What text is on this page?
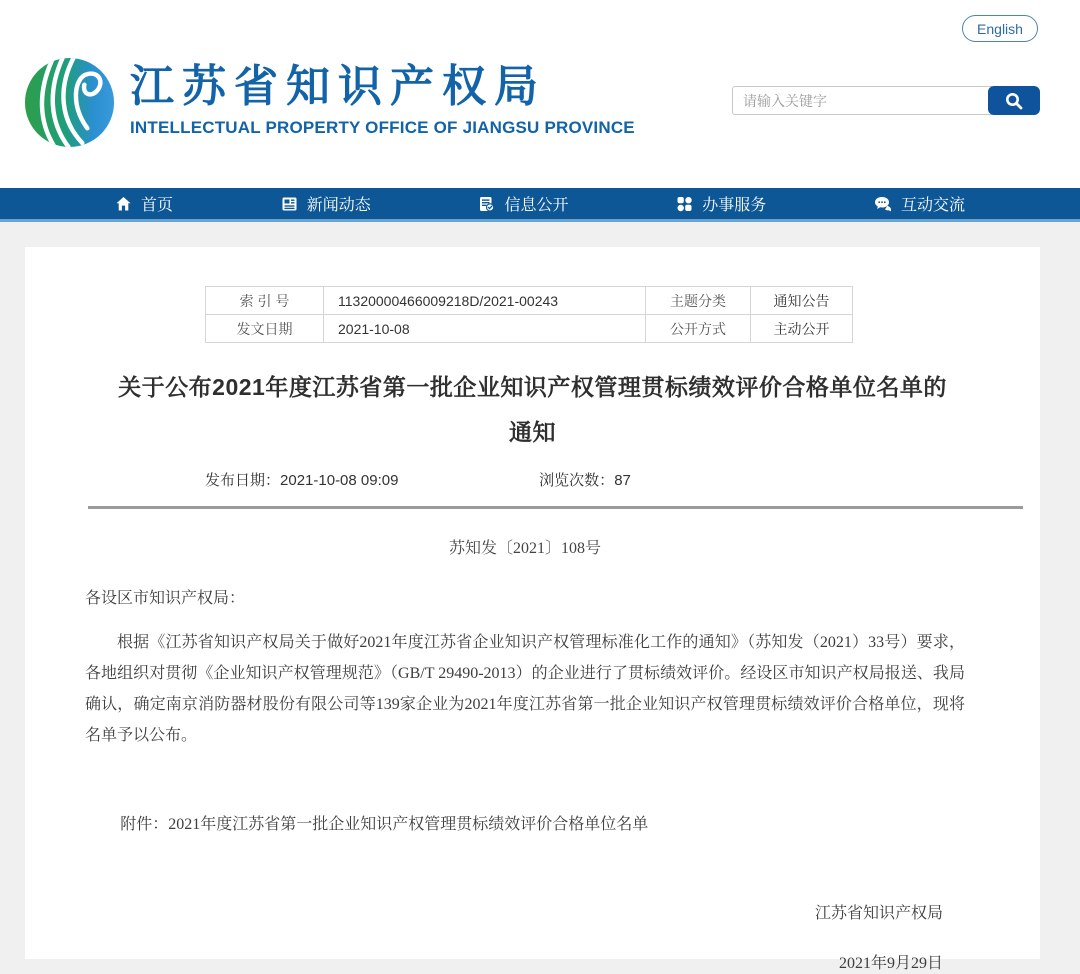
English
江苏省知识产权局
INTELLECTUAL PROPERTY OFFICE OF JIANGSU PROVINCE
请输入关键字
首页	新闻动态	信息公开	办事服务	互动交流
索 引 号	11320000466009218D/2021-00243	主题分类	通知公告
发文日期	2021-10-08	公开方式	主动公开
关于公布2021年度江苏省第一批企业知识产权管理贯标绩效评价合格单位名单的
通知
发布日期：2021-10-08 09:09	浏览次数：87
苏知发〔2021〕108号
各设区市知识产权局：

根据《江苏省知识产权局关于做好2021年度江苏省企业知识产权管理标准化工作的通知》（苏知发（2021）33号）要求，各地组织对贯彻《企业知识产权管理规范》（GB/T 29490-2013）的企业进行了贯标绩效评价。经设区市知识产权局报送、我局确认，确定南京消防器材股份有限公司等139家企业为2021年度江苏省第一批企业知识产权管理贯标绩效评价合格单位，现将名单予以公布。

附件：2021年度江苏省第一批企业知识产权管理贯标绩效评价合格单位名单
江苏省知识产权局
2021年9月29日
